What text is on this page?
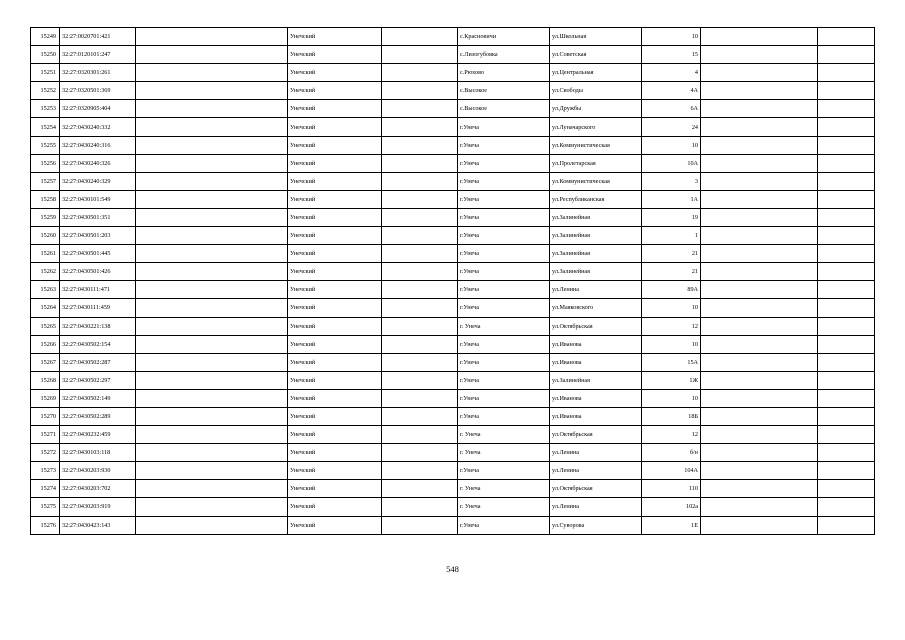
15249	32:27:0020701:421		Унечский		с.Красновичи	ул.Школьная	10		
15250	32:27:0120101:247		Унечский		с.Лизогубовка	ул.Советская	15		
15251	32:27:0320301:261		Унечский		с.Рюхово	ул.Центральная	4		
15252	32:27:0320501:369		Унечский		с.Высокое	ул.Свободы	4А		
15253	32:27:0320905:404		Унечский		с.Высокое	ул.Дружбы	6А		
15254	32:27:0430240:332		Унечский		г.Унеча	ул.Луначарского	24		
15255	32:27:0430240:316		Унечский		г.Унеча	ул.Коммунистическая	10		
15256	32:27:0430240:326		Унечский		г.Унеча	ул.Пролетарская	10А		
15257	32:27:0430240:329		Унечский		г.Унеча	ул.Коммунистическая	3		
15258	32:27:0430101:549		Унечский		г.Унеча	ул.Республиканская	1А		
15259	32:27:0430501:351		Унечский		г.Унеча	ул.Залинейная	19		
15260	32:27:0430501:203		Унечский		г.Унеча	ул.Залинейная	1		
15261	32:27:0430501:445		Унечский		г.Унеча	ул.Залинейная	21		
15262	32:27:0430501:426		Унечский		г.Унеча	ул.Залинейная	21		
15263	32:27:0430111:471		Унечский		г.Унеча	ул.Ленина	89А		
15264	32:27:0430111:459		Унечский		г.Унеча	ул.Маяковского	10		
15265	32:27:0430221:138		Унечский		г. Унеча	ул.Октябрьская	12		
15266	32:27:0430502:154		Унечский		г.Унеча	ул.Иванова	10		
15267	32:27:0430502:287		Унечский		г.Унеча	ул.Иванова	15А		
15268	32:27:0430502:297		Унечский		г.Унеча	ул.Залинейная	1Ж		
15269	32:27:0430502:149		Унечский		г.Унеча	ул.Иванова	10		
15270	32:27:0430502:289		Унечский		г.Унеча	ул.Иванова	18Б		
15271	32:27:0430232:459		Унечский		г. Унеча	ул.Октябрьская	12		
15272	32:27:0430103:118		Унечский		г. Унеча	ул.Ленина	б/н		
15273	32:27:0430203:930		Унечский		г.Унеча	ул.Ленина	104А		
15274	32:27:0430203:702		Унечский		г. Унеча	ул.Октябрьская	110		
15275	32:27:0430203:919		Унечский		г. Унеча	ул.Ленина	102а		
15276	32:27:0430423:143		Унечский		г.Унеча	ул.Суворова	1Е		
548
